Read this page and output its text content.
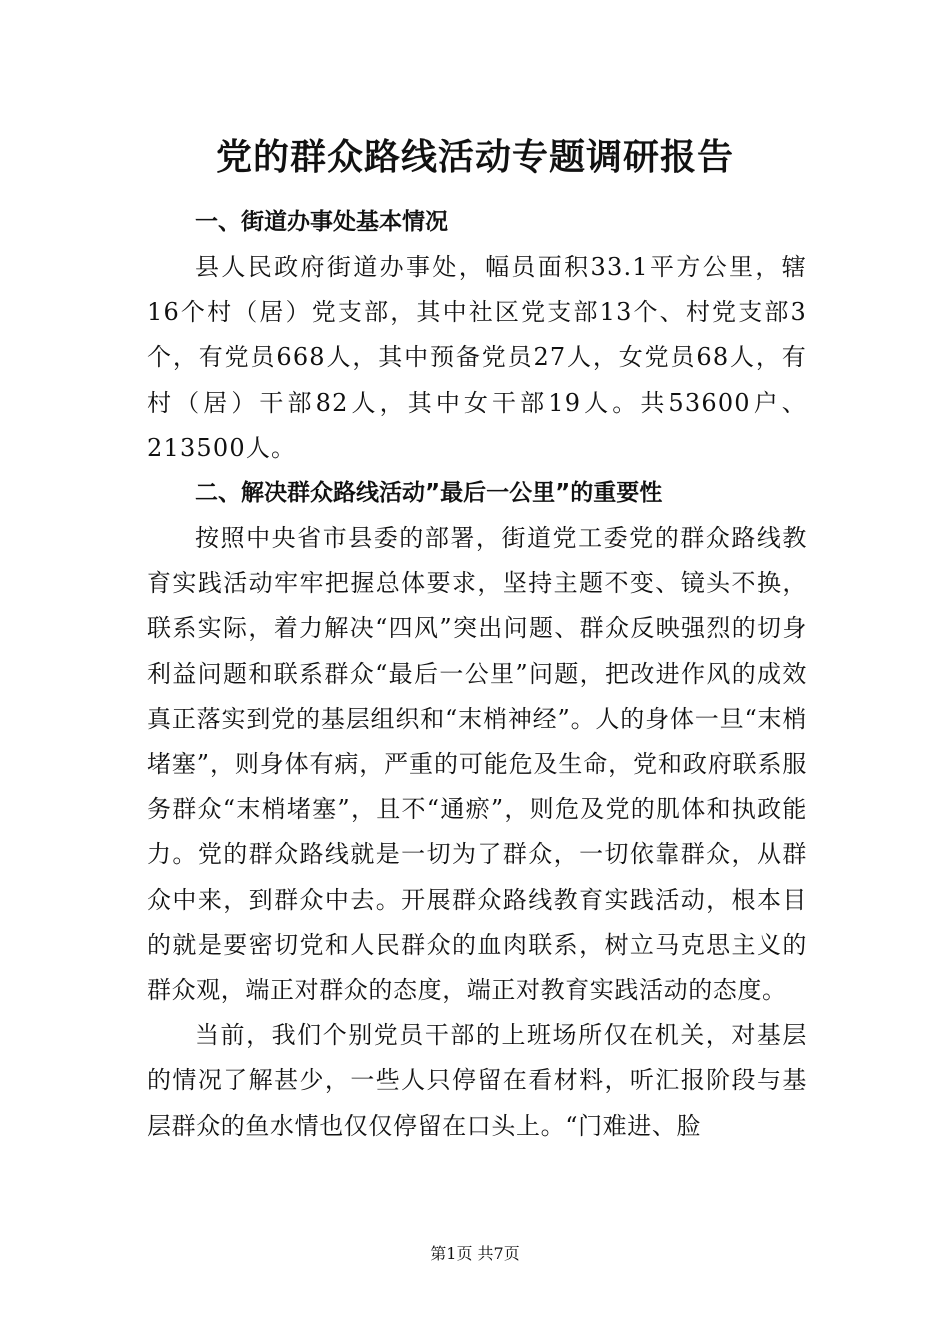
党的群众路线活动专题调研报告

一、街道办事处基本情况

县人民政府街道办事处，幅员面积33.1平方公里，辖16个村（居）党支部，其中社区党支部13个、村党支部3个，有党员668人，其中预备党员27人，女党员68人，有村（居）干部82人，其中女干部19人。共53600户、213500人。

二、解决群众路线活动”最后一公里”的重要性

按照中央省市县委的部署，街道党工委党的群众路线教育实践活动牢牢把握总体要求，坚持主题不变、镜头不换，联系实际，着力解决“四风”突出问题、群众反映强烈的切身利益问题和联系群众“最后一公里”问题，把改进作风的成效真正落实到党的基层组织和“末梢神经”。人的身体一旦“末梢堵塞”，则身体有病，严重的可能危及生命，党和政府联系服务群众“末梢堵塞”，且不“通瘀”，则危及党的肌体和执政能力。党的群众路线就是一切为了群众，一切依靠群众，从群众中来，到群众中去。开展群众路线教育实践活动，根本目的就是要密切党和人民群众的血肉联系，树立马克思主义的群众观，端正对群众的态度，端正对教育实践活动的态度。

当前，我们个别党员干部的上班场所仅在机关，对基层的情况了解甚少，一些人只停留在看材料，听汇报阶段与基层群众的鱼水情也仅仅停留在口头上。“门难进、脸

第1页 共7页
